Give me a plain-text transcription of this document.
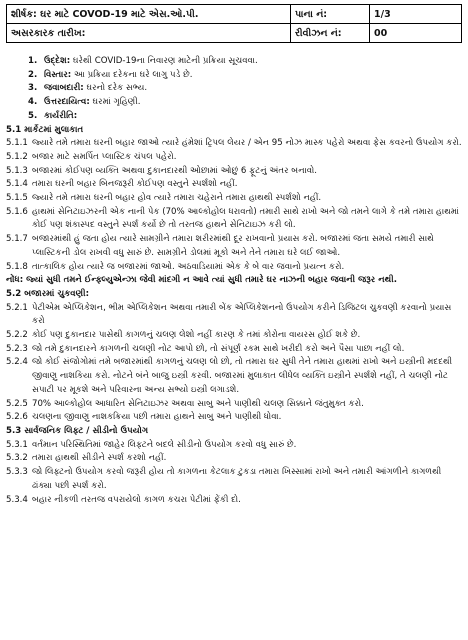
શીર્ષક: ઘર માટે COVOD-19 માટે એસ.ઓ.પી.	પાના નં:	1/3
અસરકારક તારીખ:	રીવીઝન નં:	00
1. ઉદ્દેશ: ઘરેથી COVID-19ના નિવારણ માટેની પ્રક્રિયા સૂચવવા.
2. વિસ્તાર: આ પ્રક્રિયા દરેકના ઘરે લાગુ પડે છે.
3. જવાબદારી: ઘરનો દરેક સભ્ય.
4. ઉત્તરદાયિત્વ: ઘરમાં ગૃહિણી.
5. કાર્યરીતિ:
5.1 માર્કેટમાં મુલાકાત
5.1.1 જ્યારે તમે તમારા ઘરની બહાર જાઓ ત્યારે હંમેશાં ટ્રિપલ લેયર / એન 95 નોઝ માસ્ક પહેરો અથવા ફેસ કવરનો ઉપયોગ કરો.
5.1.2 બજાર માટે સમર્પિત પ્લાસ્ટિક ચંપલ પહેરો.
5.1.3 બજારમાં કોઈપણ વ્યક્તિ અથવા દુકાનદારથી ઓછામાં ઓછું 6 ફૂટનું અંતર બનાવો.
5.1.4 તમારા ઘરની બહાર બિનજરૂરી કોઈપણ વસ્તુને સ્પર્શશો નહીં.
5.1.5 જ્યારે તમે તમારા ઘરની બહાર હોવ ત્યારે તમારા ચહેરાને તમારા હાથથી સ્પર્શશો નહીં.
5.1.6 હાથમાં સેનિટાઇઝરની એક નાની પેક (70% આલ્કોહોલ ધરાવતો) તમારી સાથે રાખો અને જો તમને લાગે કે તમે તમારા હાથમાં કોઈ પણ શંકાસ્પદ વસ્તુને સ્પર્શ કર્યો છે તો તરતજ હાથને સેનિટાઇઝ કરી લો.
5.1.7 બજારમાંથી હું જતા હોય ત્યારે સામગ્રીને તમારા શરીરમાંથી દૂર રાખવાનો પ્રયાસ કરો. બજારમાં જતા સમયે તમારી સાથે પ્લાસ્ટિકની ડોલ રાખવી વધુ સારું છે. સામગ્રીને ડોલમાં મૂકો અને તેને તમારા ઘરે લઈ જાઓ.
5.1.8 તાત્કાલિક હોય ત્યારે જ બજારમાં જાઓ. અઠવાડિયામાં એક કે બે વાર જવાનો પ્રયત્ન કરો.
નોંધ: જ્યાં સુધી તમને ઈન્ફ્લ્યુએન્ઝા જેવી માંદગી ન આવે ત્યાં સુધી તમારે ઘર નાઝની બહાર જવાની જરૂર નથી.
5.2 બજારમાં ચુકવણી:
5.2.1 પેટીએમ એપ્લિકેશન, ભીમ એપ્લિકેશન અથવા તમારી બેંક એપ્લિકેશનનો ઉપયોગ કરીને ડિજિટલ ચુકવણી કરવાનો પ્રયાસ કરો
5.2.2 કોઈ પણ દુકાનદાર પાસેથી કાગળનું ચલણ લેશો નહીં કારણ કે તમાં કોરોના વાયરસ હોઈ શકે છે.
5.2.3 જો તમે દુકાનદારને કાગળની ચલણી નોટ આપો છો, તો સંપૂર્ણ રકમ સાથે ખરીદી કરો અને પૈસા પાછા નહીં લો.
5.2.4 જો કોઈ સંજોગોમાં તમે બજારમાંથી કાગળનું ચલણ લો છો, તો તમારા ઘર સુધી તેને તમારા હાથમાં રાખો અને ઇસ્ત્રીની મદદથી જીવાણુ નાશકિયા કરો. નોટને બંને બાજુ ઇસ્ત્રી કરવી. બજારમાં મુલાકાત લીધેલ વ્યક્તિ ઇસ્ત્રીને સ્પર્શશે નહીં, તે ચલણી નોટ સપાટી પર મૂકશે અને પરિવારના અન્ય સભ્યો ઇસ્ત્રી લગાડશે.
5.2.5 70% આલ્કોહોલ આધારિત સેનિટાઇઝર અથવા સાબુ અને પાણીથી ચલણ સિક્કાને જંતુમુક્ત કરો.
5.2.6 ચલણના જીવાણુ નાશકક્રિયા પછી તમારા હાથને સાબુ અને પાણીથી ધોવા.
5.3 સાર્વજનિક લિફ્ટ / સીડીનો ઉપયોગ
5.3.1 વર્તમાન પરિસ્થિતિમાં જાહેર લિફ્ટને બદલે સીડીનો ઉપયોગ કરવો વધુ સારું છે.
5.3.2 તમારા હાથથી સીડીને સ્પર્શ કરશો નહીં.
5.3.3 જો લિફ્ટનો ઉપયોગ કરવો જરૂરી હોય તો કાગળના કેટલાક ટુકડા તમારા ખિસ્સામાં રાખો અને તમારી આંગળીને કાગળથી ઢાંક્યા પછી સ્પર્શ કરો.
5.3.4 બહાર નીકળી તરતજ વપરાયેલો કાગળ કચરા પેટીમાં ફેંકી દો.
